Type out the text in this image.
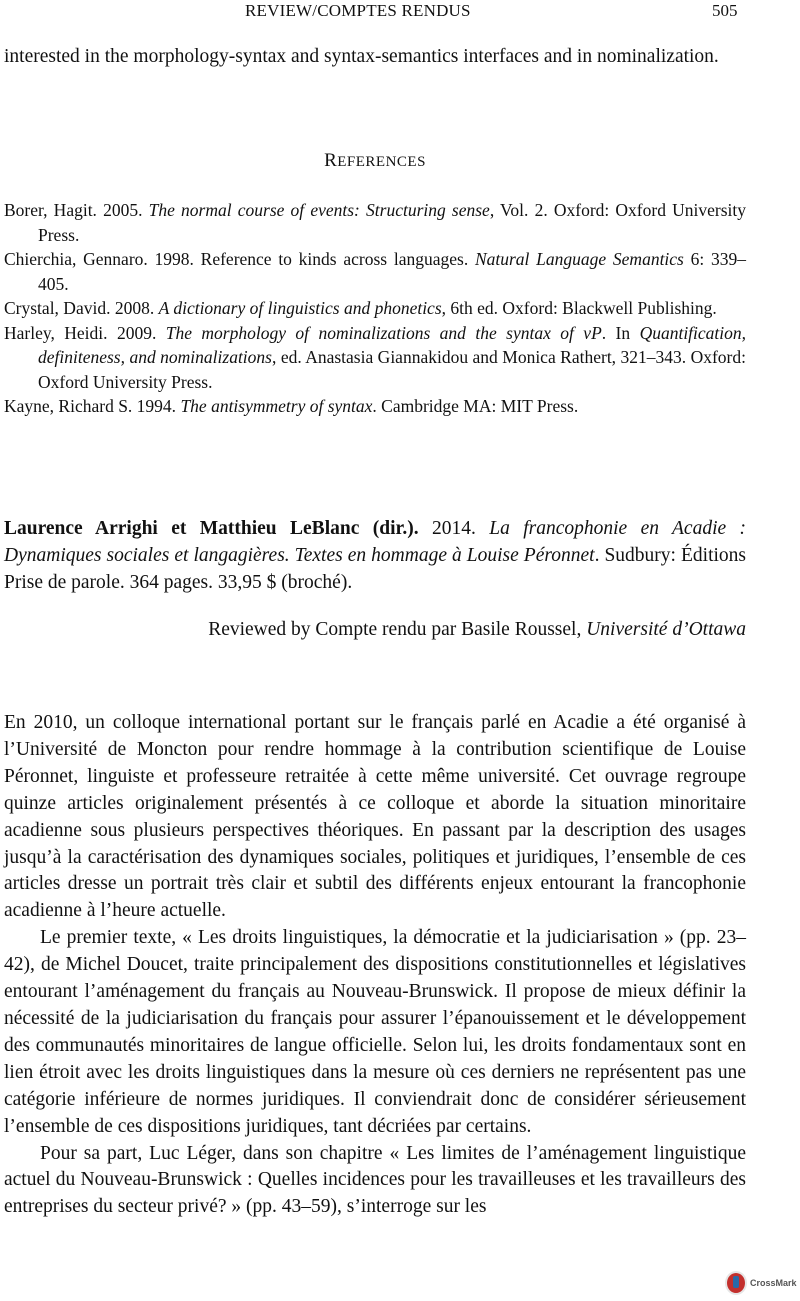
REVIEW/COMPTES RENDUS	505

interested in the morphology-syntax and syntax-semantics interfaces and in nominalization.

REFERENCES
Borer, Hagit. 2005. The normal course of events: Structuring sense, Vol. 2. Oxford: Oxford University Press.
Chierchia, Gennaro. 1998. Reference to kinds across languages. Natural Language Semantics 6: 339–405.
Crystal, David. 2008. A dictionary of linguistics and phonetics, 6th ed. Oxford: Blackwell Publishing.
Harley, Heidi. 2009. The morphology of nominalizations and the syntax of vP. In Quantification, definiteness, and nominalizations, ed. Anastasia Giannakidou and Monica Rathert, 321–343. Oxford: Oxford University Press.
Kayne, Richard S. 1994. The antisymmetry of syntax. Cambridge MA: MIT Press.

Laurence Arrighi et Matthieu LeBlanc (dir.). 2014. La francophonie en Acadie : Dynamiques sociales et langagières. Textes en hommage à Louise Péronnet. Sudbury: Éditions Prise de parole. 364 pages. 33,95 $ (broché).

Reviewed by Compte rendu par Basile Roussel, Université d’Ottawa

En 2010, un colloque international portant sur le français parlé en Acadie a été organisé à l’Université de Moncton pour rendre hommage à la contribution scientifique de Louise Péronnet, linguiste et professeure retraitée à cette même université. Cet ouvrage regroupe quinze articles originalement présentés à ce colloque et aborde la situation minoritaire acadienne sous plusieurs perspectives théoriques. En passant par la description des usages jusqu’à la caractérisation des dynamiques sociales, politiques et juridiques, l’ensemble de ces articles dresse un portrait très clair et subtil des différents enjeux entourant la francophonie acadienne à l’heure actuelle.

Le premier texte, « Les droits linguistiques, la démocratie et la judiciarisation » (pp. 23–42), de Michel Doucet, traite principalement des dispositions constitutionnelles et législatives entourant l’aménagement du français au Nouveau-Brunswick. Il propose de mieux définir la nécessité de la judiciarisation du français pour assurer l’épanouissement et le développement des communautés minoritaires de langue officielle. Selon lui, les droits fondamentaux sont en lien étroit avec les droits linguistiques dans la mesure où ces derniers ne représentent pas une catégorie inférieure de normes juridiques. Il conviendrait donc de considérer sérieusement l’ensemble de ces dispositions juridiques, tant décriées par certains.

Pour sa part, Luc Léger, dans son chapitre « Les limites de l’aménagement linguistique actuel du Nouveau-Brunswick : Quelles incidences pour les travailleuses et les travailleurs des entreprises du secteur privé? » (pp. 43–59), s’interroge sur les

CrossMark
